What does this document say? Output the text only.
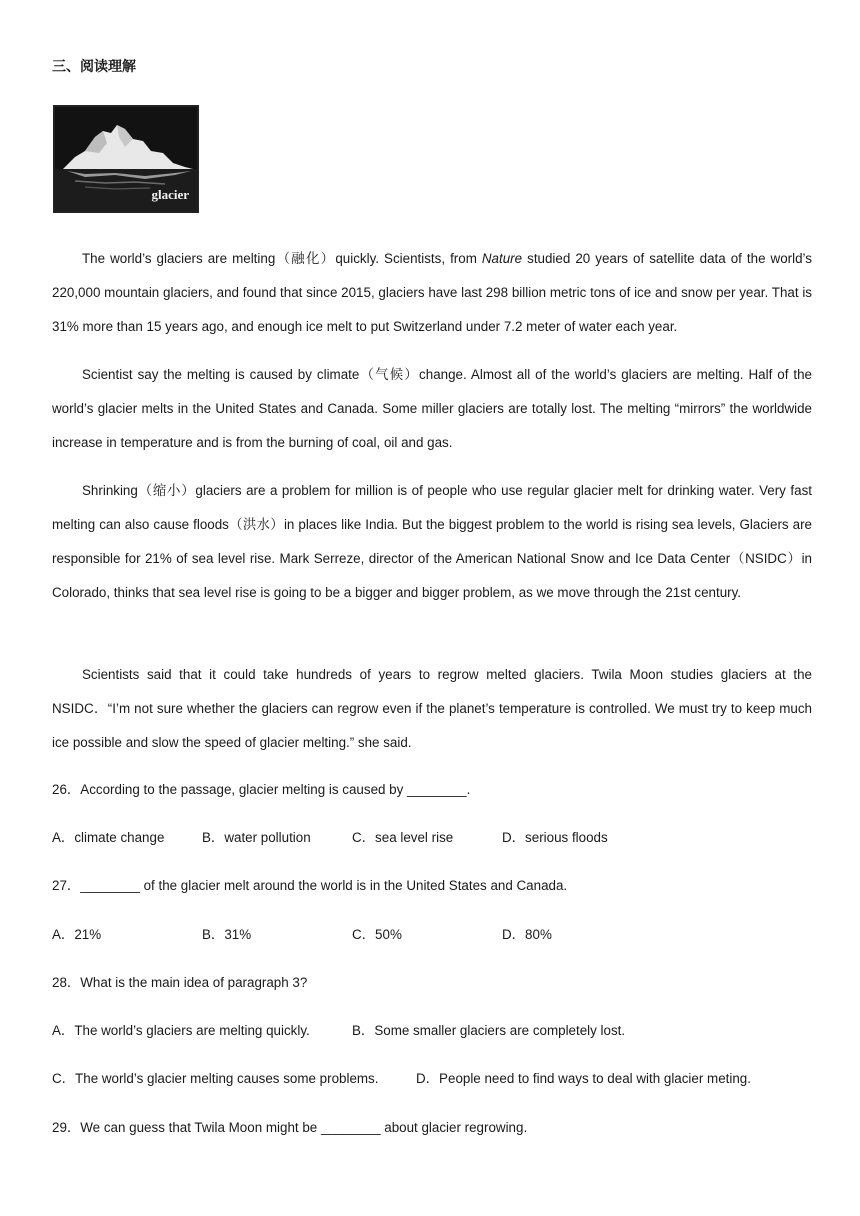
三、阅读理解
glacier

The world’s glaciers are melting（融化）quickly. Scientists, from Nature studied 20 years of satellite data of the world’s 220,000 mountain glaciers, and found that since 2015, glaciers have last 298 billion metric tons of ice and snow per year. That is 31% more than 15 years ago, and enough ice melt to put Switzerland under 7.2 meter of water each year.

Scientist say the melting is caused by climate（气候）change. Almost all of the world’s glaciers are melting. Half of the world’s glacier melts in the United States and Canada. Some miller glaciers are totally lost. The melting “mirrors” the worldwide increase in temperature and is from the burning of coal, oil and gas.

Shrinking（缩小）glaciers are a problem for million is of people who use regular glacier melt for drinking water. Very fast melting can also cause floods（洪水）in places like India. But the biggest problem to the world is rising sea levels, Glaciers are responsible for 21% of sea level rise. Mark Serreze, director of the American National Snow and Ice Data Center（NSIDC）in Colorado, thinks that sea level rise is going to be a bigger and bigger problem, as we move through the 21st century.

Scientists said that it could take hundreds of years to regrow melted glaciers. Twila Moon studies glaciers at the NSIDC．“I’m not sure whether the glaciers can regrow even if the planet’s temperature is controlled. We must try to keep much ice possible and slow the speed of glacier melting.” she said.

26．According to the passage, glacier melting is caused by ________.
A．climate change	B．water pollution	C．sea level rise	D．serious floods
27．________ of the glacier melt around the world is in the United States and Canada.
A．21%	B．31%	C．50%	D．80%
28．What is the main idea of paragraph 3?
A．The world’s glaciers are melting quickly.	B．Some smaller glaciers are completely lost.
C．The world’s glacier melting causes some problems.	D．People need to find ways to deal with glacier meting.
29．We can guess that Twila Moon might be ________ about glacier regrowing.
